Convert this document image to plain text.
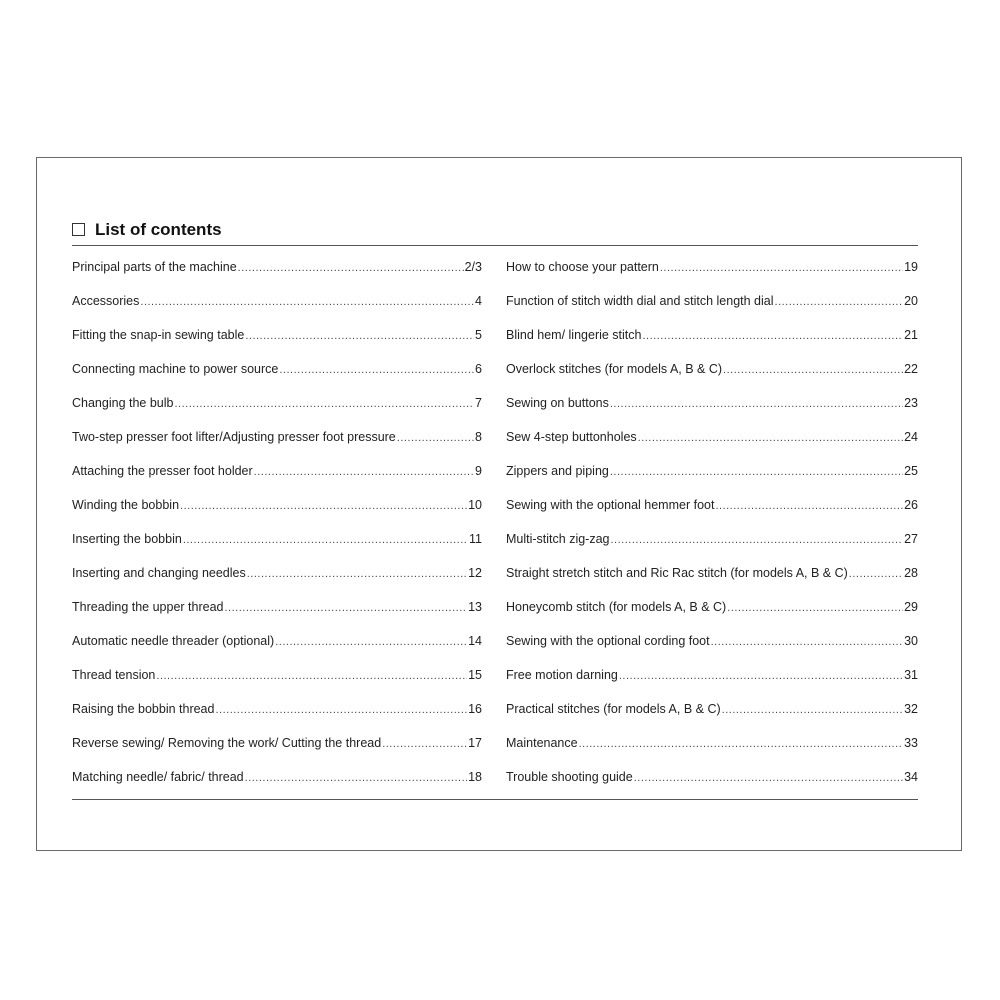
List of contents
Principal parts of the machine .....	2/3
Accessories .....	4
Fitting the snap-in sewing table .....	5
Connecting machine to power source .....	6
Changing the bulb .....	7
Two-step presser foot lifter/Adjusting presser foot pressure .....	8
Attaching the presser foot holder .....	9
Winding the bobbin .....	10
Inserting the bobbin .....	11
Inserting and changing needles .....	12
Threading the upper thread .....	13
Automatic needle threader (optional) .....	14
Thread tension .....	15
Raising the bobbin thread .....	16
Reverse sewing/ Removing the work/ Cutting the thread .....	17
Matching needle/ fabric/ thread .....	18
How to choose your pattern .....	19
Function of stitch width dial and stitch length dial .....	20
Blind hem/ lingerie stitch .....	21
Overlock stitches (for models A, B & C) .....	22
Sewing on buttons .....	23
Sew 4-step buttonholes .....	24
Zippers and piping .....	25
Sewing with the optional hemmer foot .....	26
Multi-stitch zig-zag .....	27
Straight stretch stitch and Ric Rac stitch (for models A, B & C) .....	28
Honeycomb stitch (for models A, B & C) .....	29
Sewing with the optional cording foot .....	30
Free motion darning .....	31
Practical stitches (for models A, B & C) .....	32
Maintenance .....	33
Trouble shooting guide .....	34
